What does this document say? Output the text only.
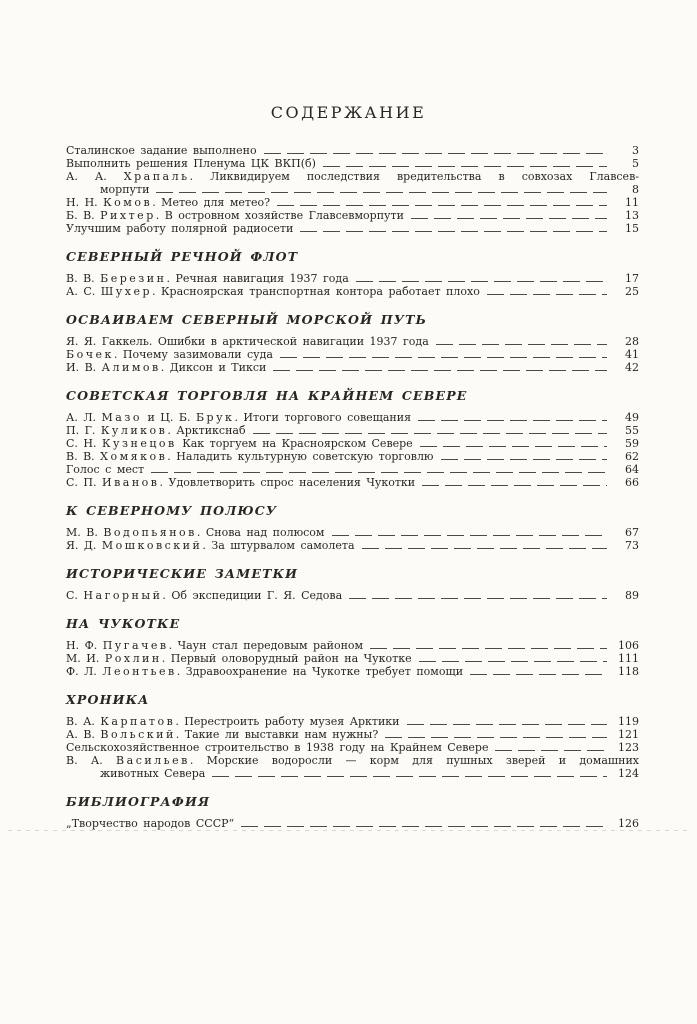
СОДЕРЖАНИЕ
Сталинское задание выполнено	3
Выполнить решения Пленума ЦК ВКП(б)	5
А. А. Храпаль. Ликвидируем последствия вредительства в совхозах Главсев-
морпути	8
Н. Н. Комов. Метео для метео?	11
Б. В. Рихтер. В островном хозяйстве Главсевморпути	13
Улучшим работу полярной радиосети	15
СЕВЕРНЫЙ РЕЧНОЙ ФЛОТ
В. В. Березин. Речная навигация 1937 года	17
А. С. Шухер. Красноярская транспортная контора работает плохо	25
ОСВАИВАЕМ СЕВЕРНЫЙ МОРСКОЙ ПУТЬ
Я. Я. Гаккель. Ошибки в арктической навигации 1937 года	28
Бочек. Почему зазимовали суда	41
И. В. Алимов. Диксон и Тикси	42
СОВЕТСКАЯ ТОРГОВЛЯ НА КРАЙНЕМ СЕВЕРЕ
А. Л. Мазо и Ц. Б. Брук. Итоги торгового совещания	49
П. Г. Куликов. Арктикснаб	55
С. Н. Кузнецов Как торгуем на Красноярском Севере	59
В. В. Хомяков. Наладить культурную советскую торговлю	62
Голос с мест	64
С. П. Иванов. Удовлетворить спрос населения Чукотки	66
К СЕВЕРНОМУ ПОЛЮСУ
М. В. Водопьянов. Снова над полюсом	67
Я. Д. Мошковский. За штурвалом самолета	73
ИСТОРИЧЕСКИЕ ЗАМЕТКИ
С. Нагорный. Об экспедиции Г. Я. Седова	89
НА ЧУКОТКЕ
Н. Ф. Пугачев. Чаун стал передовым районом	106
М. И. Рохлин. Первый оловорудный район на Чукотке	111
Ф. Л. Леонтьев. Здравоохранение на Чукотке требует помощи	118
ХРОНИКА
В. А. Карпатов. Перестроить работу музея Арктики	119
А. В. Вольский. Такие ли выставки нам нужны?	121
Сельскохозяйственное строительство в 1938 году на Крайнем Севере	123
В. А. Васильев. Морские водоросли — корм для пушных зверей и домашних
животных Севера	124
БИБЛИОГРАФИЯ
„Творчество народов СССР“	126
